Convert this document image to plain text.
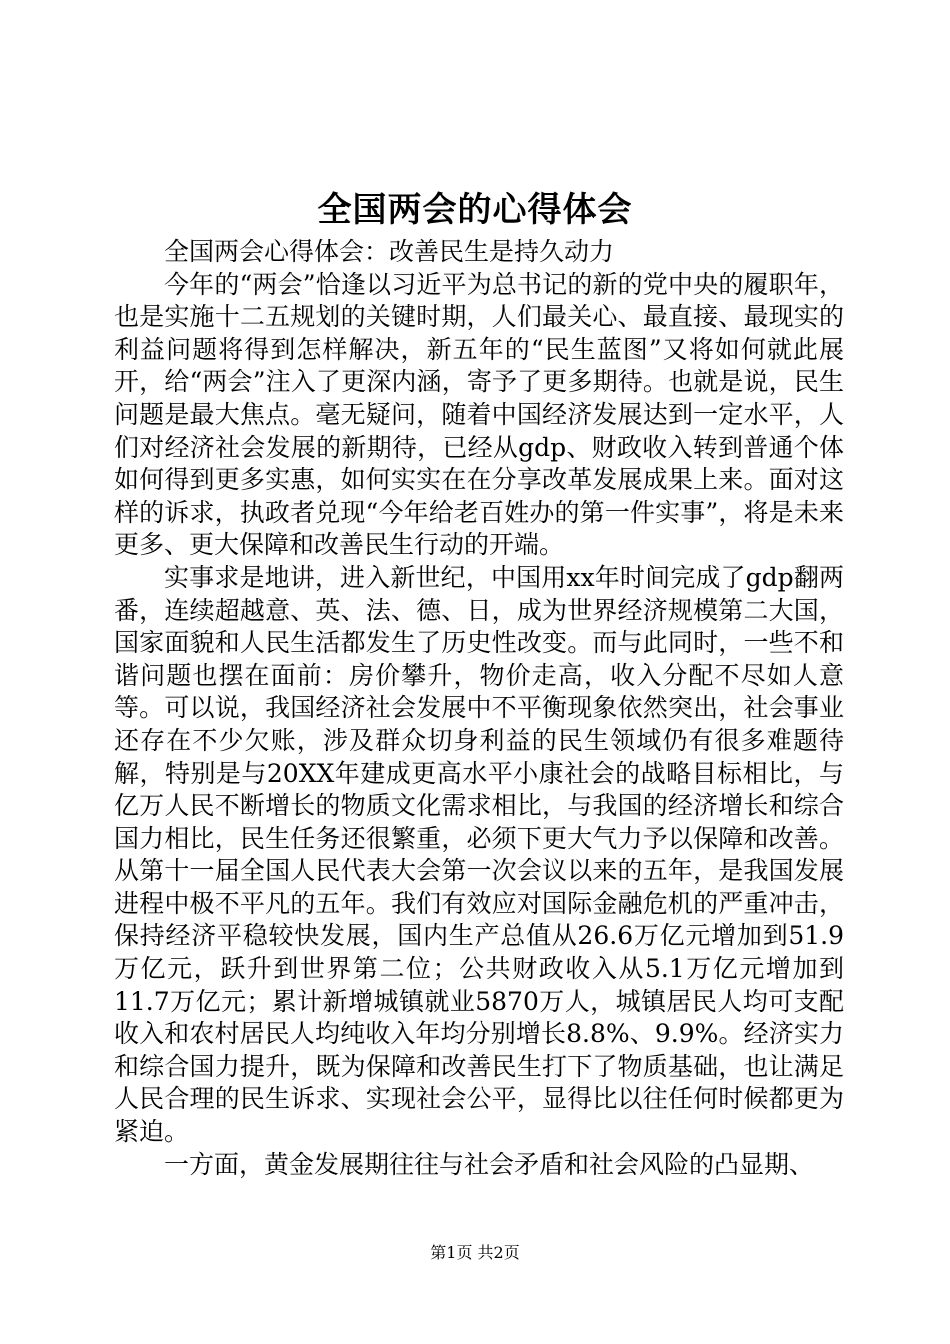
全国两会的心得体会

全国两会心得体会：改善民生是持久动力

今年的“两会”恰逢以习近平为总书记的新的党中央的履职年，也是实施十二五规划的关键时期，人们最关心、最直接、最现实的利益问题将得到怎样解决，新五年的“民生蓝图”又将如何就此展开，给“两会”注入了更深内涵，寄予了更多期待。也就是说，民生问题是最大焦点。毫无疑问，随着中国经济发展达到一定水平，人们对经济社会发展的新期待，已经从gdp、财政收入转到普通个体如何得到更多实惠，如何实实在在分享改革发展成果上来。面对这样的诉求，执政者兑现“今年给老百姓办的第一件实事”，将是未来更多、更大保障和改善民生行动的开端。

实事求是地讲，进入新世纪，中国用xx年时间完成了gdp翻两番，连续超越意、英、法、德、日，成为世界经济规模第二大国，国家面貌和人民生活都发生了历史性改变。而与此同时，一些不和谐问题也摆在面前：房价攀升，物价走高，收入分配不尽如人意等。可以说，我国经济社会发展中不平衡现象依然突出，社会事业还存在不少欠账，涉及群众切身利益的民生领域仍有很多难题待解，特别是与20XX年建成更高水平小康社会的战略目标相比，与亿万人民不断增长的物质文化需求相比，与我国的经济增长和综合国力相比，民生任务还很繁重，必须下更大气力予以保障和改善。从第十一届全国人民代表大会第一次会议以来的五年，是我国发展进程中极不平凡的五年。我们有效应对国际金融危机的严重冲击，保持经济平稳较快发展，国内生产总值从26.6万亿元增加到51.9万亿元，跃升到世界第二位；公共财政收入从5.1万亿元增加到11.7万亿元；累计新增城镇就业5870万人，城镇居民人均可支配收入和农村居民人均纯收入年均分别增长8.8%、9.9%。经济实力和综合国力提升，既为保障和改善民生打下了物质基础，也让满足人民合理的民生诉求、实现社会公平，显得比以往任何时候都更为紧迫。

一方面，黄金发展期往往与社会矛盾和社会风险的凸显期、

第1页 共2页
